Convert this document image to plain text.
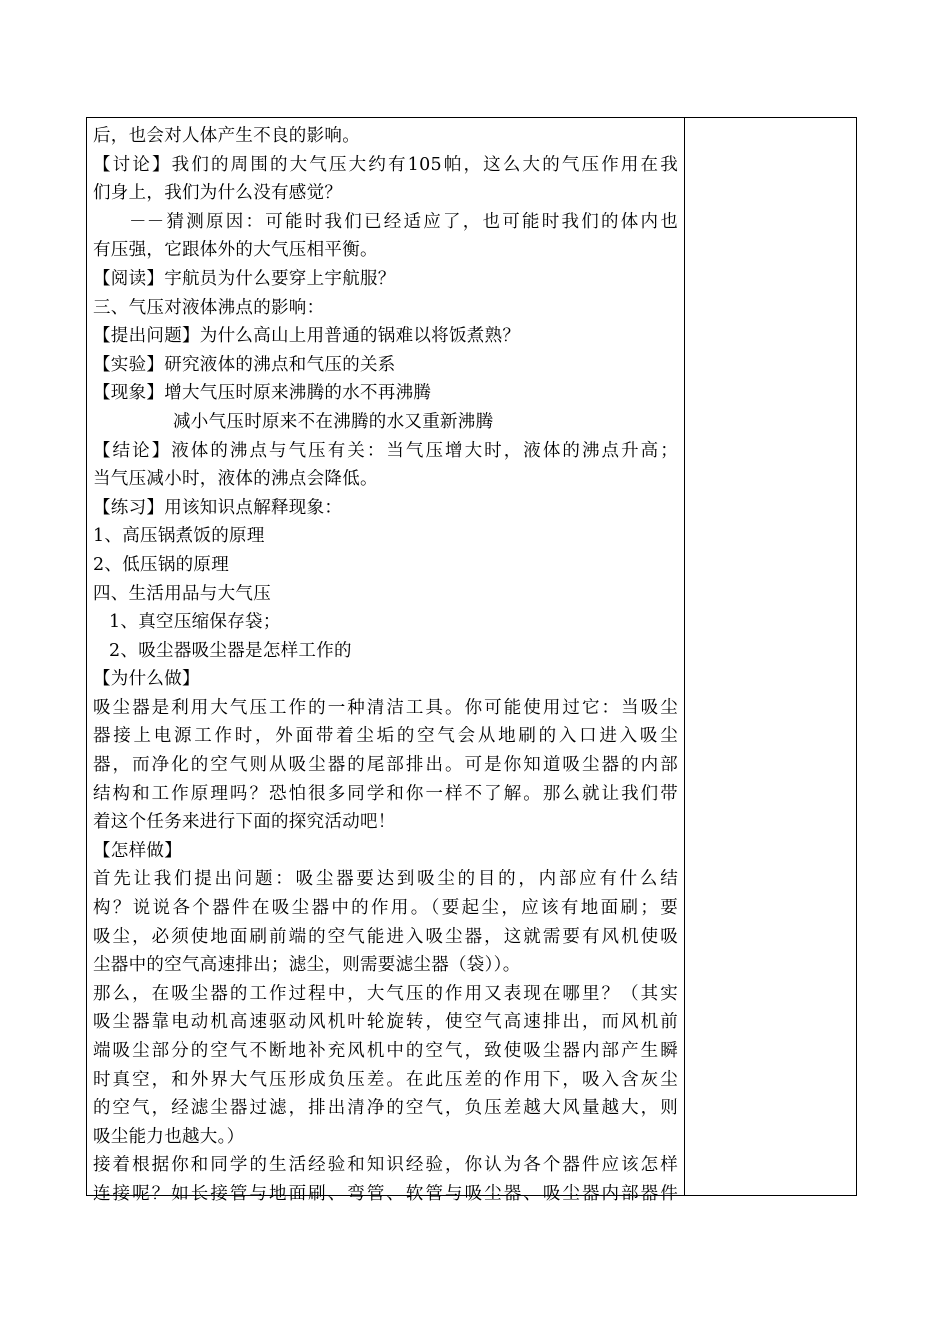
后，也会对人体产生不良的影响。
【讨论】我们的周围的大气压大约有105帕，这么大的气压作用在我
们身上，我们为什么没有感觉？
－－猜测原因：可能时我们已经适应了，也可能时我们的体内也
有压强，它跟体外的大气压相平衡。
【阅读】宇航员为什么要穿上宇航服？
三、气压对液体沸点的影响：
【提出问题】为什么高山上用普通的锅难以将饭煮熟？
【实验】研究液体的沸点和气压的关系
【现象】增大气压时原来沸腾的水不再沸腾
减小气压时原来不在沸腾的水又重新沸腾
【结论】液体的沸点与气压有关：当气压增大时，液体的沸点升高；
当气压减小时，液体的沸点会降低。
【练习】用该知识点解释现象：
1、高压锅煮饭的原理
2、低压锅的原理
四、生活用品与大气压
1、真空压缩保存袋；
2、吸尘器吸尘器是怎样工作的
【为什么做】
吸尘器是利用大气压工作的一种清洁工具。你可能使用过它：当吸尘
器接上电源工作时，外面带着尘垢的空气会从地刷的入口进入吸尘
器，而净化的空气则从吸尘器的尾部排出。可是你知道吸尘器的内部
结构和工作原理吗？恐怕很多同学和你一样不了解。那么就让我们带
着这个任务来进行下面的探究活动吧！
【怎样做】
首先让我们提出问题：吸尘器要达到吸尘的目的，内部应有什么结
构？说说各个器件在吸尘器中的作用。（要起尘，应该有地面刷；要
吸尘，必须使地面刷前端的空气能进入吸尘器，这就需要有风机使吸
尘器中的空气高速排出；滤尘，则需要滤尘器（袋））。
那么，在吸尘器的工作过程中，大气压的作用又表现在哪里？（其实
吸尘器靠电动机高速驱动风机叶轮旋转，使空气高速排出，而风机前
端吸尘部分的空气不断地补充风机中的空气，致使吸尘器内部产生瞬
时真空，和外界大气压形成负压差。在此压差的作用下，吸入含灰尘
的空气，经滤尘器过滤，排出清净的空气，负压差越大风量越大，则
吸尘能力也越大。）
接着根据你和同学的生活经验和知识经验，你认为各个器件应该怎样
连接呢？如长接管与地面刷、弯管、软管与吸尘器、吸尘器内部器件
